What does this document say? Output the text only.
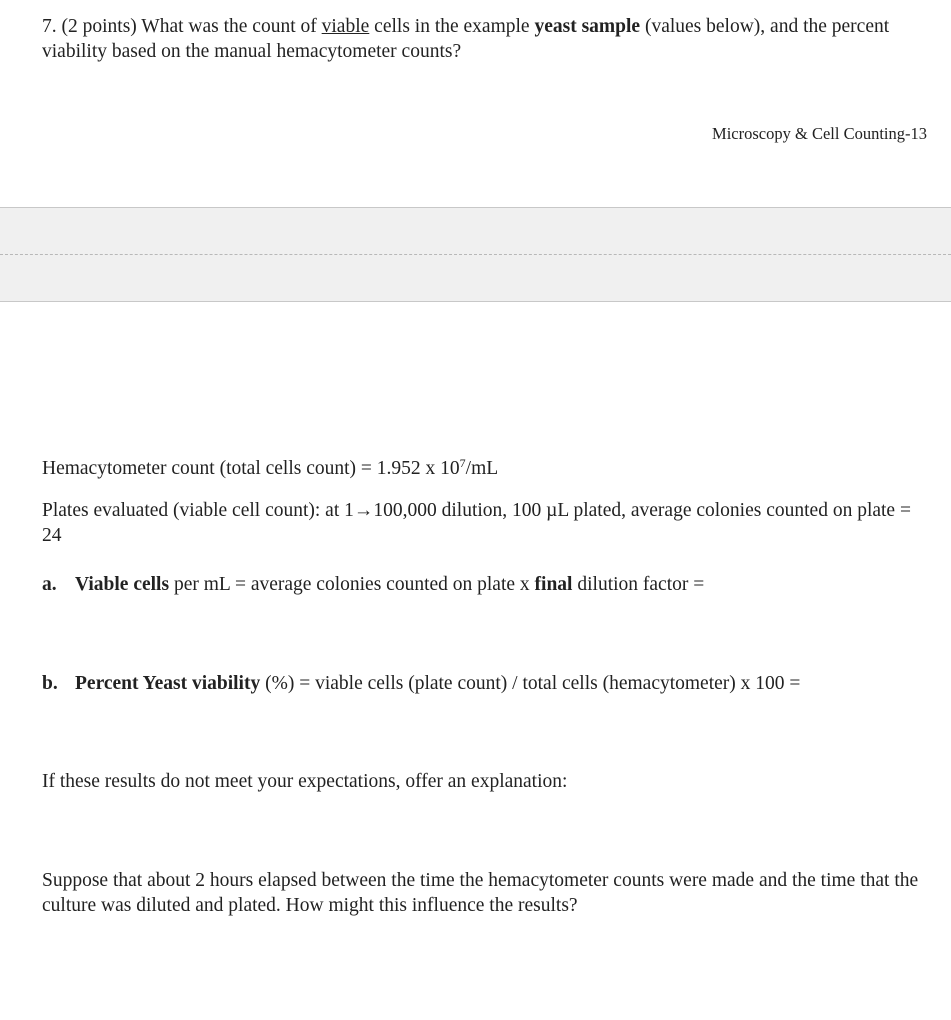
7. (2 points) What was the count of viable cells in the example yeast sample (values below), and the percent viability based on the manual hemacytometer counts?

Microscopy & Cell Counting-13

Hemacytometer count (total cells count) = 1.952 x $10^7/mL$

Plates evaluated (viable cell count): at 1→100,000 dilution, 100 µL plated, average colonies counted on plate = 24

a. Viable cells per mL = average colonies counted on plate x final dilution factor =

b. Percent Yeast viability (%) = viable cells (plate count) / total cells (hemacytometer) x 100 =

If these results do not meet your expectations, offer an explanation:

Suppose that about 2 hours elapsed between the time the hemacytometer counts were made and the time that the culture was diluted and plated. How might this influence the results?
